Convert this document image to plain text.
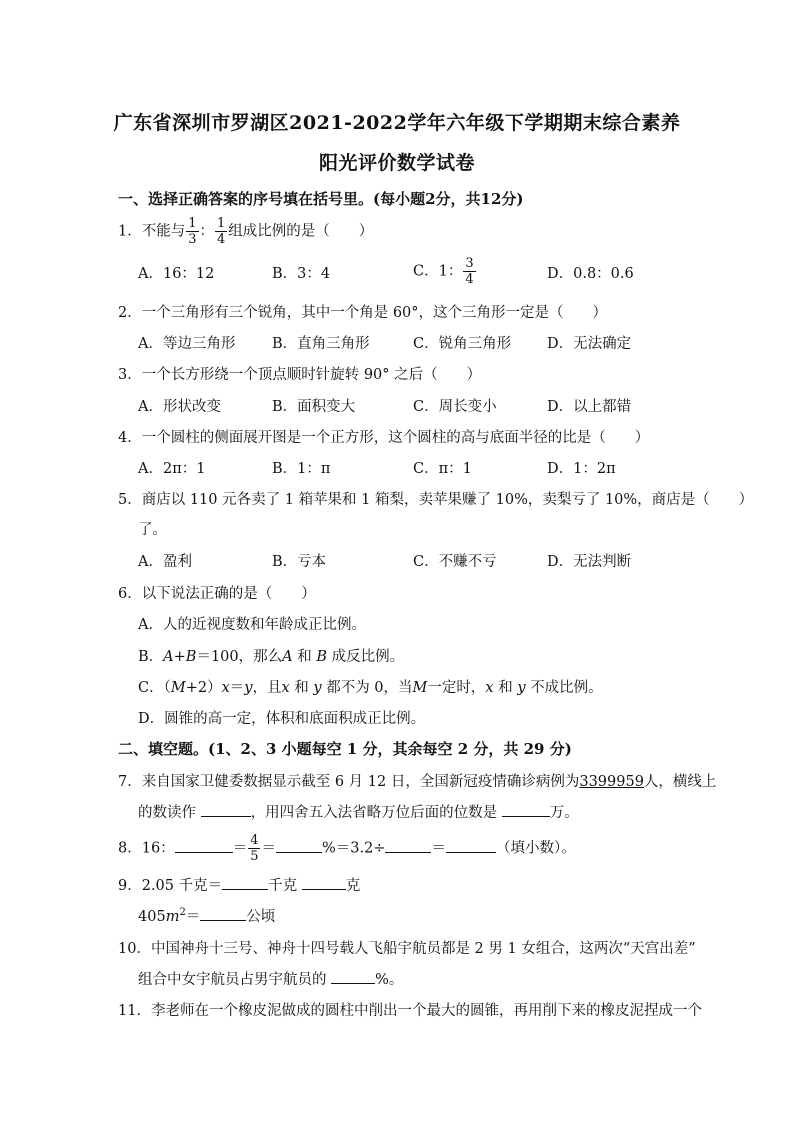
广东省深圳市罗湖区2021-2022学年六年级下学期期末综合素养
阳光评价数学试卷
一、选择正确答案的序号填在括号里。(每小题2分，共12分)
1．不能与 $\frac{1}{3}$ ： $\frac{1}{4}$ 组成比例的是（　　）
A．16：12	B．3：4	C．1： $\frac{3}{4}$	D．0.8：0.6
2．一个三角形有三个锐角，其中一个角是 60°，这个三角形一定是（　　）
A．等边三角形	B．直角三角形	C．锐角三角形 D．无法确定
3．一个长方形绕一个顶点顺时针旋转 90° 之后（　　）
A．形状改变	B．面积变大	C．周长变小	D．以上都错
4．一个圆柱的侧面展开图是一个正方形，这个圆柱的高与底面半径的比是（　　）
A．2π：1	B．1：π	C．π：1	D．1：2π
5．商店以 110 元各卖了 1 箱苹果和 1 箱梨，卖苹果赚了 10%，卖梨亏了 10%，商店是（　　）
了。
A．盈利	B．亏本	C．不赚不亏	D．无法判断
6．以下说法正确的是（　　）
A．人的近视度数和年龄成正比例。
B．A+B＝100，那么A 和 B 成反比例。
C．（M+2）x＝y，且x 和 y 都不为 0，当M一定时，x 和 y 不成比例。
D．圆锥的高一定，体积和底面积成正比例。
二、填空题。(1、2、3 小题每空 1 分，其余每空 2 分，共 29 分)
7．来自国家卫健委数据显示截至 6 月 12 日，全国新冠疫情确诊病例为3399959人，横线上
的数读作	，用四舍五入法省略万位后面的位数是	万。
8．16：	＝ $\frac{4}{5}$ ＝	%＝3.2÷	＝	（填小数）。
9．2.05 千克＝	千克	克
$405m^2=$	公顷
10．中国神舟十三号、神舟十四号载人飞船宇航员都是 2 男 1 女组合，这两次“天宫出差”
组合中女宇航员占男宇航员的	%。
11．李老师在一个橡皮泥做成的圆柱中削出一个最大的圆锥，再用削下来的橡皮泥捏成一个
